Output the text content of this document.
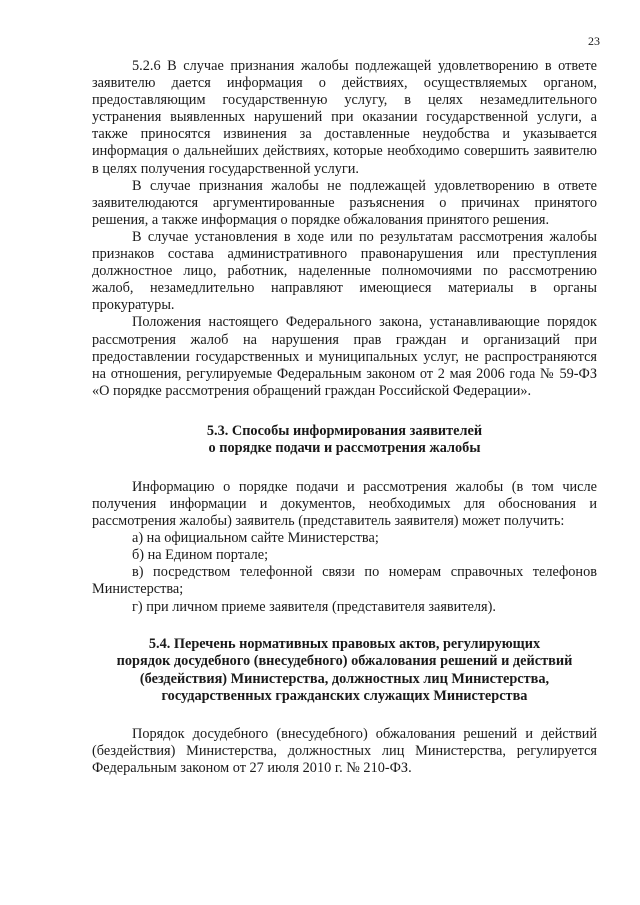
23

5.2.6 В случае признания жалобы подлежащей удовлетворению в ответе заявителю дается информация о действиях, осуществляемых органом, предоставляющим государственную услугу, в целях незамедлительного устранения выявленных нарушений при оказании государственной услуги, а также приносятся извинения за доставленные неудобства и указывается информация о дальнейших действиях, которые необходимо совершить заявителю в целях получения государственной услуги.

В случае признания жалобы не подлежащей удовлетворению в ответе заявителюдаются аргументированные разъяснения о причинах принятого решения, а также информация о порядке обжалования принятого решения.

В случае установления в ходе или по результатам рассмотрения жалобы признаков состава административного правонарушения или преступления должностное лицо, работник, наделенные полномочиями по рассмотрению жалоб, незамедлительно направляют имеющиеся материалы в органы прокуратуры.

Положения настоящего Федерального закона, устанавливающие порядок рассмотрения жалоб на нарушения прав граждан и организаций при предоставлении государственных и муниципальных услуг, не распространяются на отношения, регулируемые Федеральным законом от 2 мая 2006 года № 59-ФЗ «О порядке рассмотрения обращений граждан Российской Федерации».

5.3. Способы информирования заявителей
о порядке подачи и рассмотрения жалобы

Информацию о порядке подачи и рассмотрения жалобы (в том числе получения информации и документов, необходимых для обоснования и рассмотрения жалобы) заявитель (представитель заявителя) может получить:

а) на официальном сайте Министерства;

б) на Едином портале;

в) посредством телефонной связи по номерам справочных телефонов Министерства;

г) при личном приеме заявителя (представителя заявителя).

5.4. Перечень нормативных правовых актов, регулирующих
порядок досудебного (внесудебного) обжалования решений и действий
(бездействия) Министерства, должностных лиц Министерства,
государственных гражданских служащих Министерства

Порядок досудебного (внесудебного) обжалования решений и действий (бездействия) Министерства, должностных лиц Министерства, регулируется Федеральным законом от 27 июля 2010 г. № 210-ФЗ.
